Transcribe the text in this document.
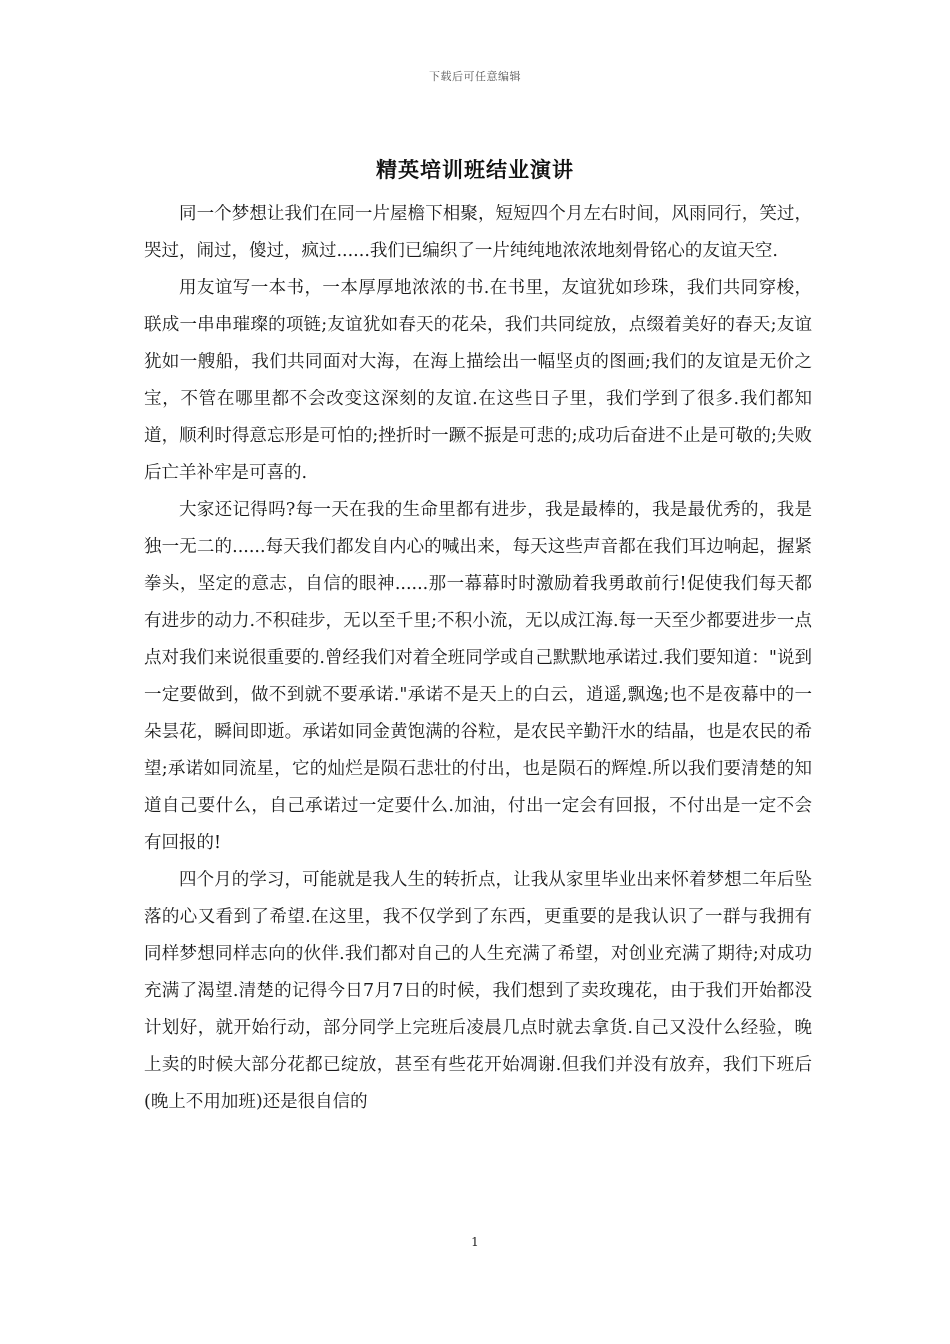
下载后可任意编辑
精英培训班结业演讲

同一个梦想让我们在同一片屋檐下相聚，短短四个月左右时间，风雨同行，笑过，哭过，闹过，傻过，疯过......我们已编织了一片纯纯地浓浓地刻骨铭心的友谊天空.

用友谊写一本书，一本厚厚地浓浓的书.在书里，友谊犹如珍珠，我们共同穿梭，联成一串串璀璨的项链;友谊犹如春天的花朵，我们共同绽放，点缀着美好的春天;友谊犹如一艘船，我们共同面对大海，在海上描绘出一幅坚贞的图画;我们的友谊是无价之宝，不管在哪里都不会改变这深刻的友谊.在这些日子里，我们学到了很多.我们都知道，顺利时得意忘形是可怕的;挫折时一蹶不振是可悲的;成功后奋进不止是可敬的;失败后亡羊补牢是可喜的.

大家还记得吗?每一天在我的生命里都有进步，我是最棒的，我是最优秀的，我是独一无二的......每天我们都发自内心的喊出来，每天这些声音都在我们耳边响起，握紧拳头，坚定的意志，自信的眼神......那一幕幕时时激励着我勇敢前行!促使我们每天都有进步的动力.不积硅步，无以至千里;不积小流，无以成江海.每一天至少都要进步一点点对我们来说很重要的.曾经我们对着全班同学或自己默默地承诺过.我们要知道："说到一定要做到，做不到就不要承诺."承诺不是天上的白云，逍遥,飘逸;也不是夜幕中的一朵昙花，瞬间即逝。承诺如同金黄饱满的谷粒，是农民辛勤汗水的结晶，也是农民的希望;承诺如同流星，它的灿烂是陨石悲壮的付出，也是陨石的辉煌.所以我们要清楚的知道自己要什么，自己承诺过一定要什么.加油，付出一定会有回报，不付出是一定不会有回报的!

四个月的学习，可能就是我人生的转折点，让我从家里毕业出来怀着梦想二年后坠落的心又看到了希望.在这里，我不仅学到了东西，更重要的是我认识了一群与我拥有同样梦想同样志向的伙伴.我们都对自己的人生充满了希望，对创业充满了期待;对成功充满了渴望.清楚的记得今日7月7日的时候，我们想到了卖玫瑰花，由于我们开始都没计划好，就开始行动，部分同学上完班后凌晨几点时就去拿货.自己又没什么经验，晚上卖的时候大部分花都已绽放，甚至有些花开始凋谢.但我们并没有放弃，我们下班后(晚上不用加班)还是很自信的

1
